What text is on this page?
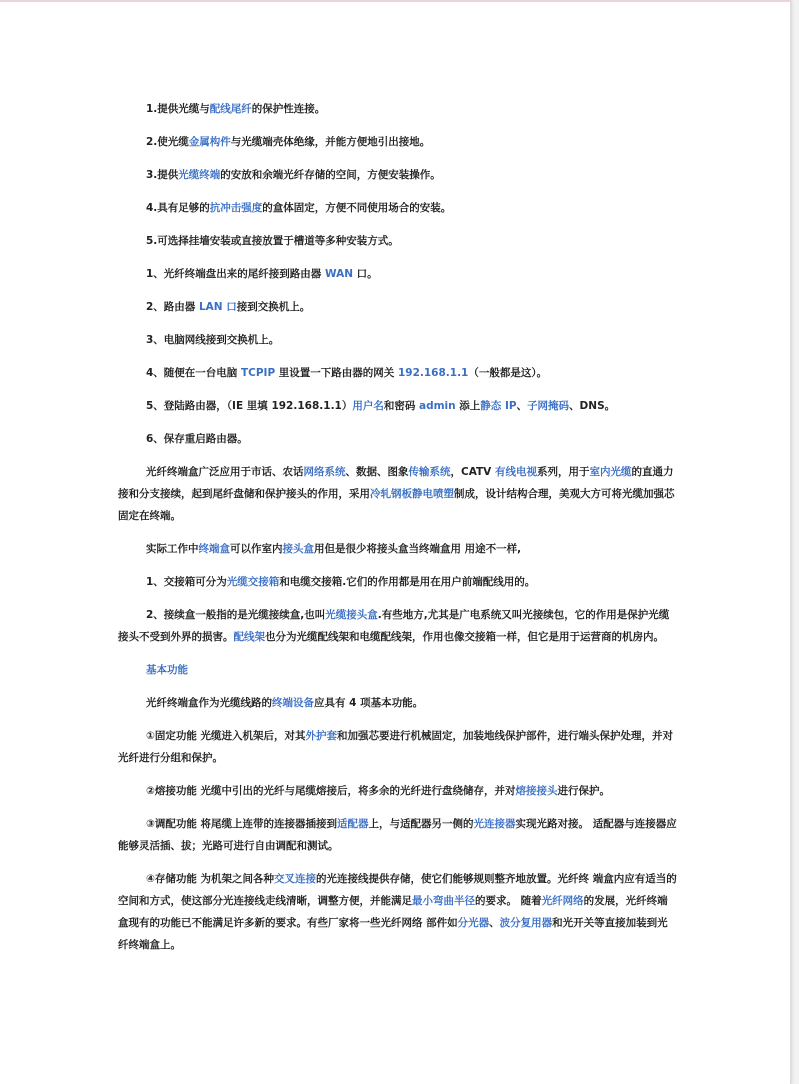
1.提供光缆与配线尾纤的保护性连接。

2.使光缆金属构件与光缆端壳体绝缘，并能方便地引出接地。

3.提供光缆终端的安放和余端光纤存储的空间，方便安装操作。

4.具有足够的抗冲击强度的盒体固定，方便不同使用场合的安装。

5.可选择挂墙安装或直接放置于槽道等多种安装方式。

1、光纤终端盘出来的尾纤接到路由器 WAN 口。

2、路由器 LAN 口接到交换机上。

3、电脑网线接到交换机上。

4、随便在一台电脑 TCPIP 里设置一下路由器的网关 192.168.1.1（一般都是这）。

5、登陆路由器，（IE 里填 192.168.1.1）用户名和密码 admin 添上静态 IP、子网掩码、DNS。

6、保存重启路由器。

光纤终端盒广泛应用于市话、农话网络系统、数据、图象传输系统，CATV 有线电视系列，用于室内光缆的直通力接和分支接续，起到尾纤盘储和保护接头的作用，采用冷轧钢板静电喷塑制成，设计结构合理，美观大方可将光缆加强芯固定在终端。

实际工作中终端盒可以作室内接头盒用但是很少将接头盒当终端盒用 用途不一样,

1、交接箱可分为光缆交接箱和电缆交接箱.它们的作用都是用在用户前端配线用的。

2、接续盒一般指的是光缆接续盒,也叫光缆接头盒.有些地方,尤其是广电系统又叫光接续包，它的作用是保护光缆接头不受到外界的损害。配线架也分为光缆配线架和电缆配线架，作用也像交接箱一样，但它是用于运营商的机房内。

基本功能

光纤终端盒作为光缆线路的终端设备应具有 4 项基本功能。

①固定功能 光缆进入机架后，对其外护套和加强芯要进行机械固定，加装地线保护部件，进行端头保护处理，并对光纤进行分组和保护。

②熔接功能 光缆中引出的光纤与尾缆熔接后，将多余的光纤进行盘绕储存，并对熔接接头进行保护。

③调配功能 将尾缆上连带的连接器插接到适配器上，与适配器另一侧的光连接器实现光路对接。 适配器与连接器应能够灵活插、拔；光路可进行自由调配和测试。

④存储功能 为机架之间各种交叉连接的光连接线提供存储，使它们能够规则整齐地放置。光纤终 端盒内应有适当的空间和方式，使这部分光连接线走线清晰，调整方便，并能满足最小弯曲半径的要求。 随着光纤网络的发展，光纤终端盒现有的功能已不能满足许多新的要求。有些厂家将一些光纤网络 部件如分光器、波分复用器和光开关等直接加装到光纤终端盒上。
